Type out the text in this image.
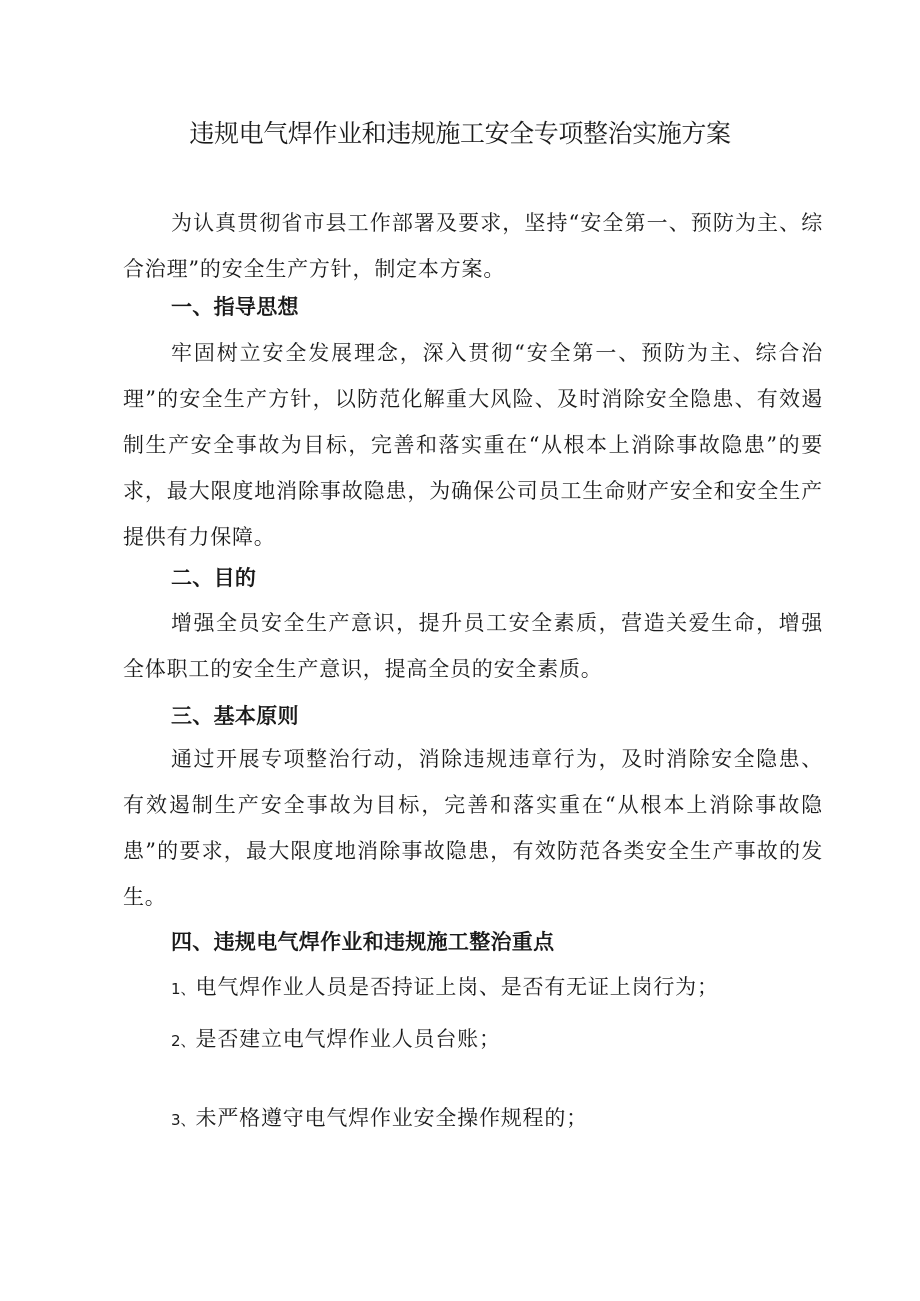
违规电气焊作业和违规施工安全专项整治实施方案

为认真贯彻省市县工作部署及要求，坚持“安全第一、预防为主、综合治理”的安全生产方针，制定本方案。

一、指导思想

牢固树立安全发展理念，深入贯彻“安全第一、预防为主、综合治理”的安全生产方针，以防范化解重大风险、及时消除安全隐患、有效遏制生产安全事故为目标，完善和落实重在“从根本上消除事故隐患”的要求，最大限度地消除事故隐患，为确保公司员工生命财产安全和安全生产提供有力保障。

二、目的

增强全员安全生产意识，提升员工安全素质，营造关爱生命，增强全体职工的安全生产意识，提高全员的安全素质。

三、基本原则

通过开展专项整治行动，消除违规违章行为，及时消除安全隐患、有效遏制生产安全事故为目标，完善和落实重在“从根本上消除事故隐患”的要求，最大限度地消除事故隐患，有效防范各类安全生产事故的发生。

四、违规电气焊作业和违规施工整治重点

1、电气焊作业人员是否持证上岗、是否有无证上岗行为；

2、是否建立电气焊作业人员台账；

3、未严格遵守电气焊作业安全操作规程的；
